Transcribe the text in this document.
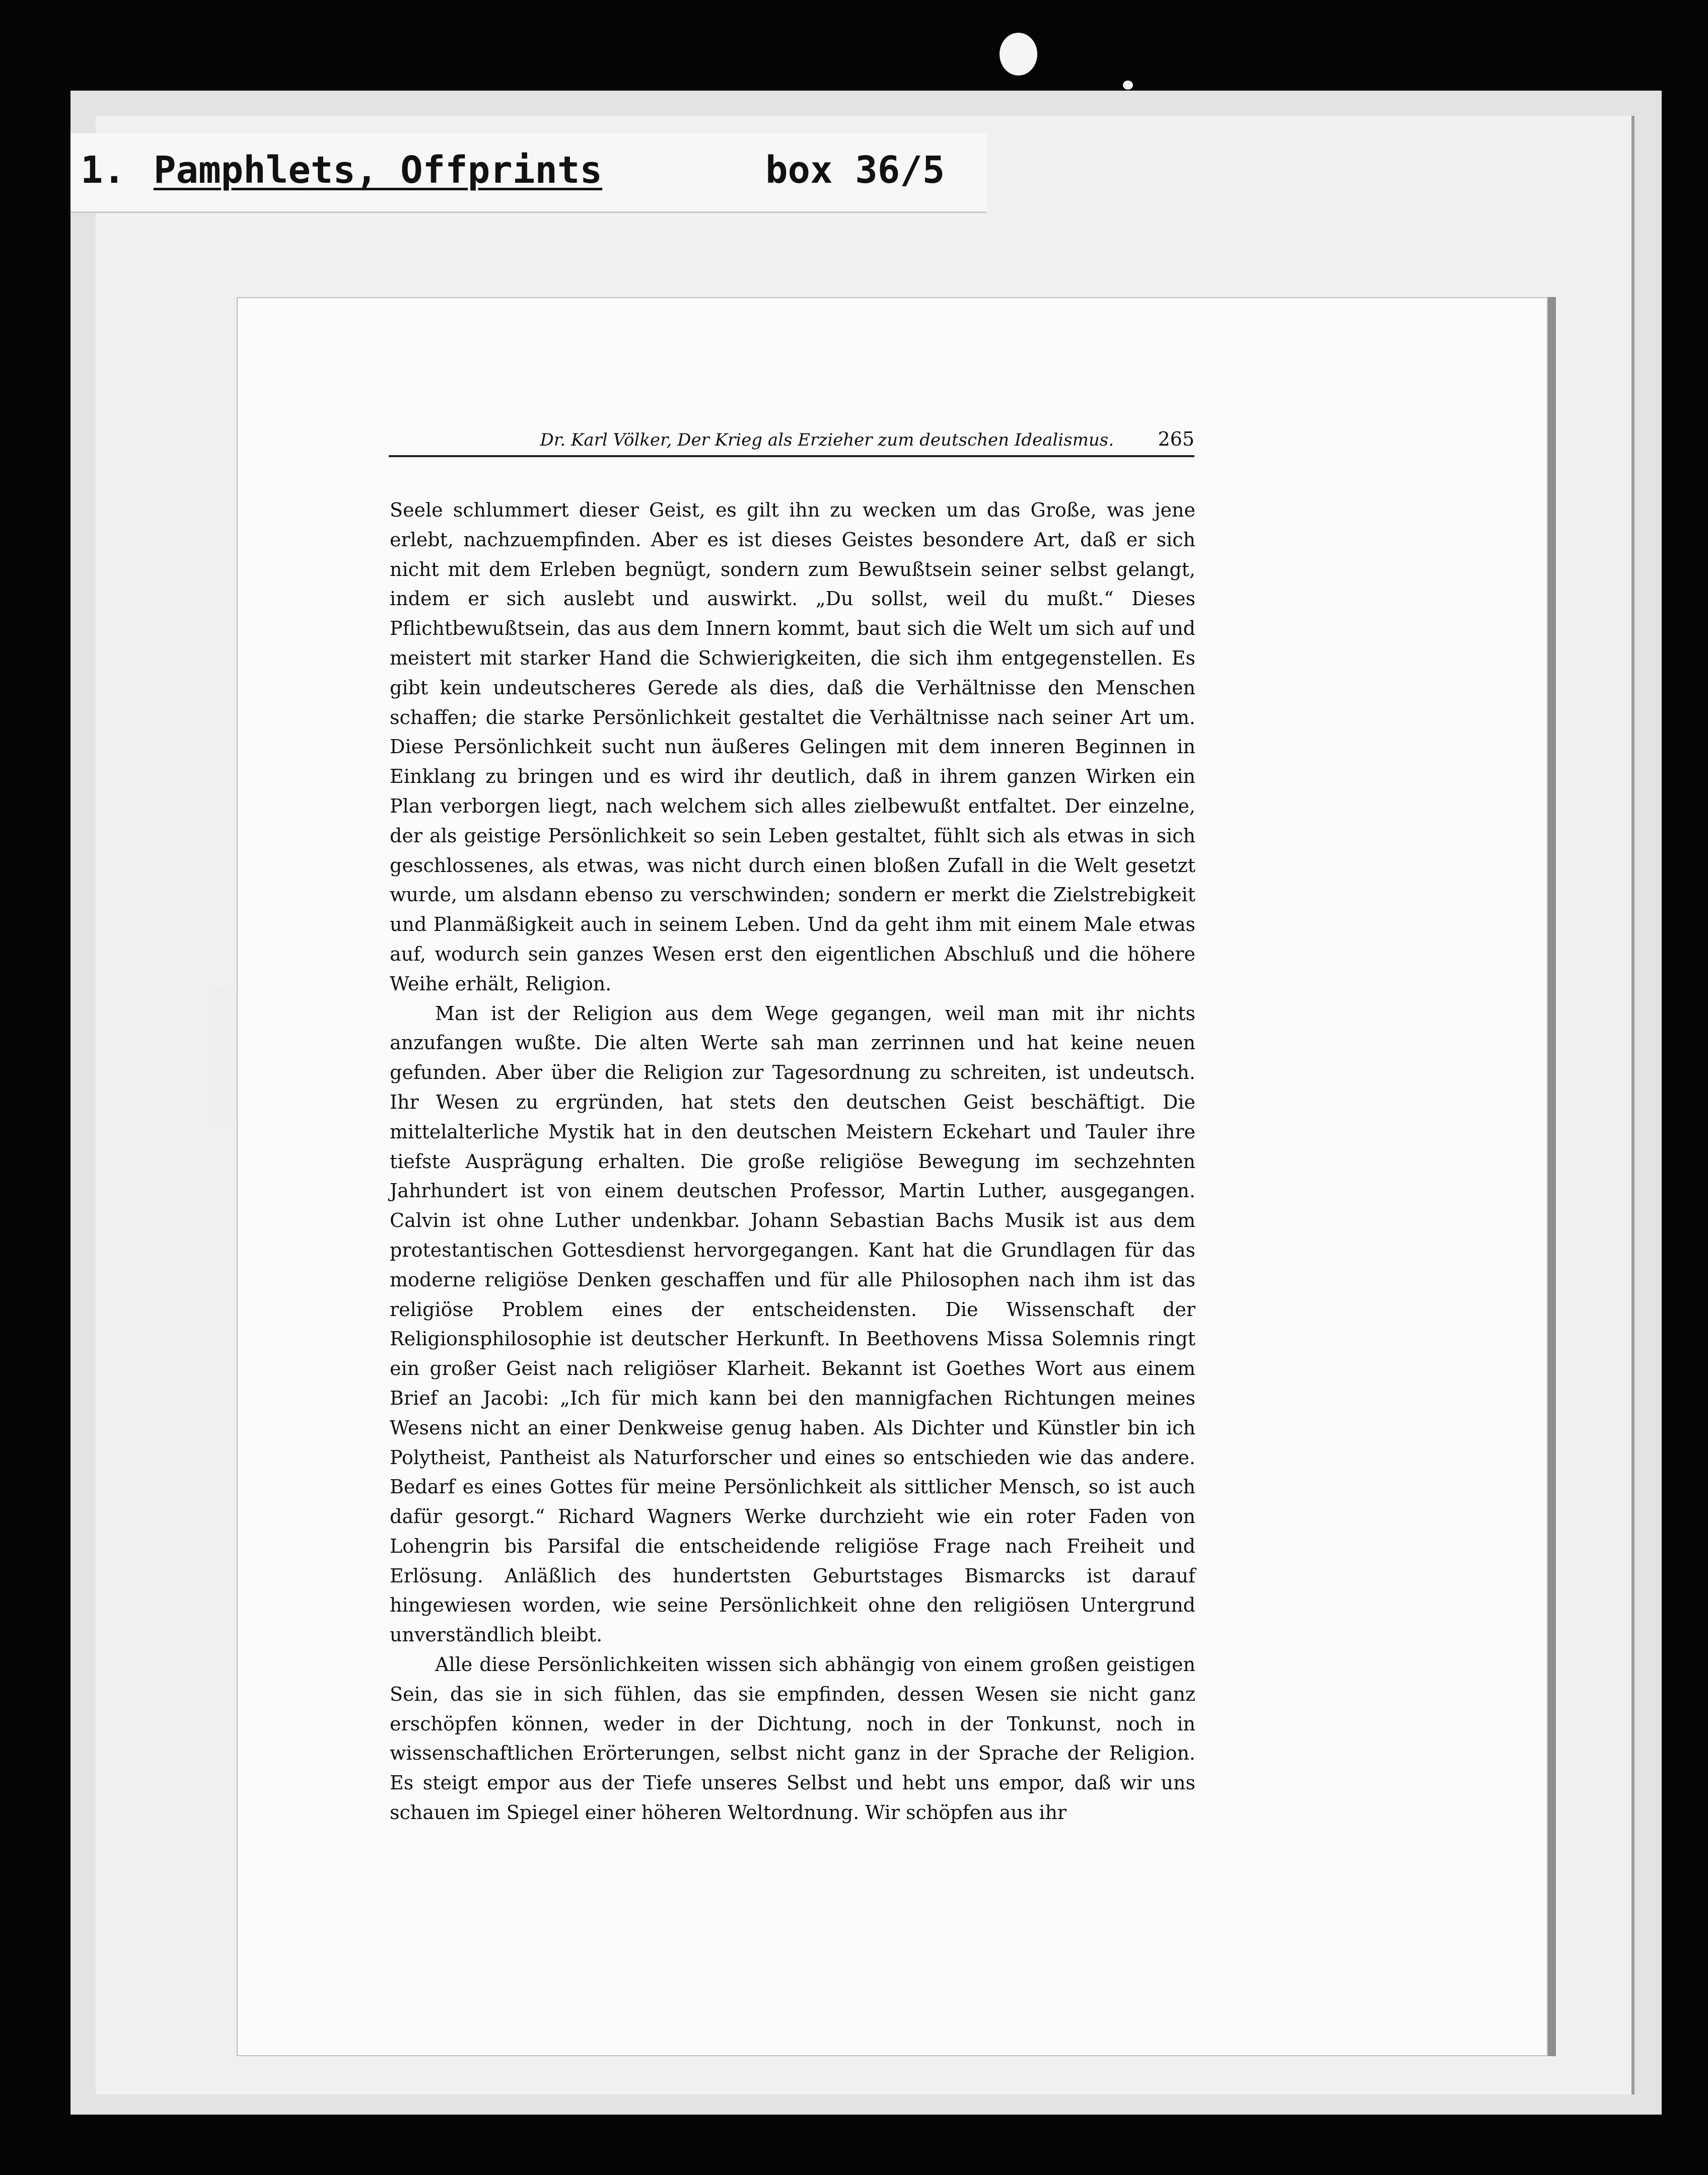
1. Pamphlets, Offprints	box 36/5
Dr. Karl Völker, Der Krieg als Erzieher zum deutschen Idealismus. 265

Seele schlummert dieser Geist, es gilt ihn zu wecken um das Große, was jene erlebt, nachzuempfinden. Aber es ist dieses Geistes besondere Art, daß er sich nicht mit dem Erleben begnügt, sondern zum Bewußtsein seiner selbst gelangt, indem er sich auslebt und auswirkt. „Du sollst, weil du mußt.“ Dieses Pflichtbewußtsein, das aus dem Innern kommt, baut sich die Welt um sich auf und meistert mit starker Hand die Schwierigkeiten, die sich ihm entgegenstellen. Es gibt kein undeutscheres Gerede als dies, daß die Verhältnisse den Menschen schaffen; die starke Persönlichkeit gestaltet die Verhältnisse nach seiner Art um. Diese Persönlichkeit sucht nun äußeres Gelingen mit dem inneren Beginnen in Einklang zu bringen und es wird ihr deutlich, daß in ihrem ganzen Wirken ein Plan verborgen liegt, nach welchem sich alles zielbewußt entfaltet. Der einzelne, der als geistige Persönlichkeit so sein Leben gestaltet, fühlt sich als etwas in sich geschlossenes, als etwas, was nicht durch einen bloßen Zufall in die Welt gesetzt wurde, um alsdann ebenso zu verschwinden; sondern er merkt die Zielstrebigkeit und Planmäßigkeit auch in seinem Leben. Und da geht ihm mit einem Male etwas auf, wodurch sein ganzes Wesen erst den eigentlichen Abschluß und die höhere Weihe erhält, Religion.

Man ist der Religion aus dem Wege gegangen, weil man mit ihr nichts anzufangen wußte. Die alten Werte sah man zerrinnen und hat keine neuen gefunden. Aber über die Religion zur Tagesordnung zu schreiten, ist undeutsch. Ihr Wesen zu ergründen, hat stets den deutschen Geist beschäftigt. Die mittelalterliche Mystik hat in den deutschen Meistern Eckehart und Tauler ihre tiefste Ausprägung erhalten. Die große religiöse Bewegung im sechzehnten Jahrhundert ist von einem deutschen Professor, Martin Luther, ausgegangen. Calvin ist ohne Luther undenkbar. Johann Sebastian Bachs Musik ist aus dem protestantischen Gottesdienst hervorgegangen. Kant hat die Grundlagen für das moderne religiöse Denken geschaffen und für alle Philosophen nach ihm ist das religiöse Problem eines der entscheidensten. Die Wissenschaft der Religionsphilosophie ist deutscher Herkunft. In Beethovens Missa Solemnis ringt ein großer Geist nach religiöser Klarheit. Bekannt ist Goethes Wort aus einem Brief an Jacobi: „Ich für mich kann bei den mannigfachen Richtungen meines Wesens nicht an einer Denkweise genug haben. Als Dichter und Künstler bin ich Polytheist, Pantheist als Naturforscher und eines so entschieden wie das andere. Bedarf es eines Gottes für meine Persönlichkeit als sittlicher Mensch, so ist auch dafür gesorgt.“ Richard Wagners Werke durchzieht wie ein roter Faden von Lohengrin bis Parsifal die entscheidende religiöse Frage nach Freiheit und Erlösung. Anläßlich des hundertsten Geburtstages Bismarcks ist darauf hingewiesen worden, wie seine Persönlichkeit ohne den religiösen Untergrund unverständlich bleibt.

Alle diese Persönlichkeiten wissen sich abhängig von einem großen geistigen Sein, das sie in sich fühlen, das sie empfinden, dessen Wesen sie nicht ganz erschöpfen können, weder in der Dichtung, noch in der Tonkunst, noch in wissenschaftlichen Erörterungen, selbst nicht ganz in der Sprache der Religion. Es steigt empor aus der Tiefe unseres Selbst und hebt uns empor, daß wir uns schauen im Spiegel einer höheren Weltordnung. Wir schöpfen aus ihr
